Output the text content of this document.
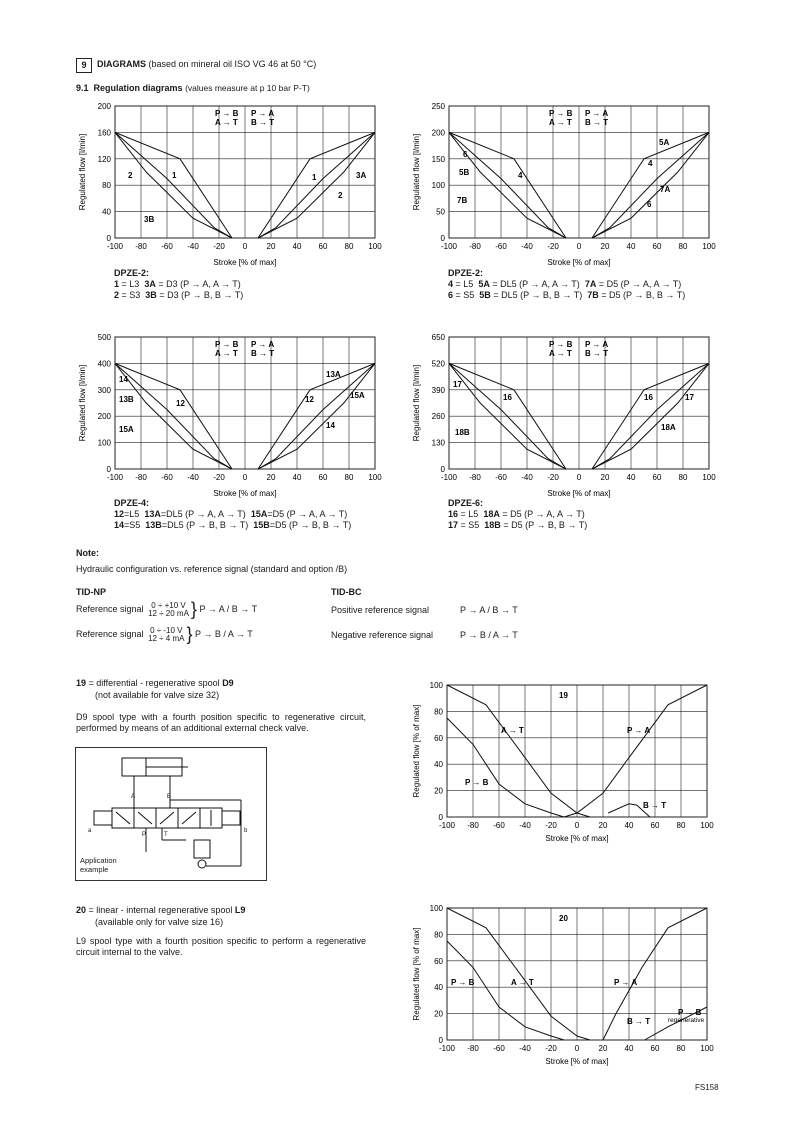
9	DIAGRAMS (based on mineral oil ISO VG 46 at 50 °C)
9.1 Regulation diagrams (values measure at p 10 bar P-T)
-100 -80 -60 -40 -20 0 20 40 60 80 100
0
40
80
120
160
200
Stroke [% of max]
Regulated flow [l/min]
P → B
A → T
P → A
B → T
1
2	3A
3B
1
2
-100 -80 -60 -40 -20 0 20 40 60 80 100
0
50
100
150
200
250
Stroke [% of max]
Regulated flow [l/min]
P → B
A → T
P → A
B → T
6
5B
7B
4
5A
4
7A
6
-100 -80 -60 -40 -20 0 20 40 60 80 100
0
100
200
300
400
500
Stroke [% of max]
Regulated flow [l/min]
P → B
A → T
P → A
B → T
14
13B
15A
12
13A
12	15A
14
-100 -80 -60 -40 -20 0 20 40 60 80 100
0
130
260
390
520
650
Stroke [% of max]
Regulated flow [l/min]
P → B
A → T
P → A
B → T
17
16
18B
16	17
18A
DPZE-2:
1 = L3 3A = D3 (P → A, A → T)
2 = S3 3B = D3 (P → B, B → T)
DPZE-2:
4 = L5 5A = DL5 (P → A, A → T) 7A = D5 (P → A, A → T)
6 = S5 5B = DL5 (P → B, B → T) 7B = D5 (P → B, B → T)
DPZE-4:
12=L5 13A=DL5 (P → A, A → T) 15A=D5 (P → A, A → T)
14=S5 13B=DL5 (P → B, B → T) 15B=D5 (P → B, B → T)
DPZE-6:
16 = L5 18A = D5 (P → A, A → T)
17 = S5 18B = D5 (P → B, B → T)
Note:
Hydraulic configuration vs. reference signal (standard and option /B)
TID-NP	TID-BC
Reference signal 0 ÷ +10 V
12 ÷ 20 mA } P → A / B → T
Reference signal 0 ÷ -10 V
12 ÷ 4 mA } P → B / A → T
Positive reference signal	P → A / B → T
Negative reference signal	P → B / A → T
19 = differential - regenerative spool D9
(not available for valve size 32)
D9 spool type with a fourth position specific to regenerative circuit, performed by means of an additional external check valve.
A	B
P	T
a	b
Application example
20 = linear - internal regenerative spool L9
(available only for valve size 16)
L9 spool type with a fourth position specific to perform a regenerative circuit internal to the valve.
-100 -80 -60 -40 -20 0 20 40 60 80 100
0
20
40
60
80
100
Stroke [% of max]
Regulated flow [% of max]
19
A → T
P → B
P → A
B → T
-100 -80 -60 -40 -20 0 20 40 60 80 100
0
20
40
60
80
100
Stroke [% of max]
Regulated flow [% of max]
20
P → B	A → T	P → A
B → T
P → B
regenerative
FS158
